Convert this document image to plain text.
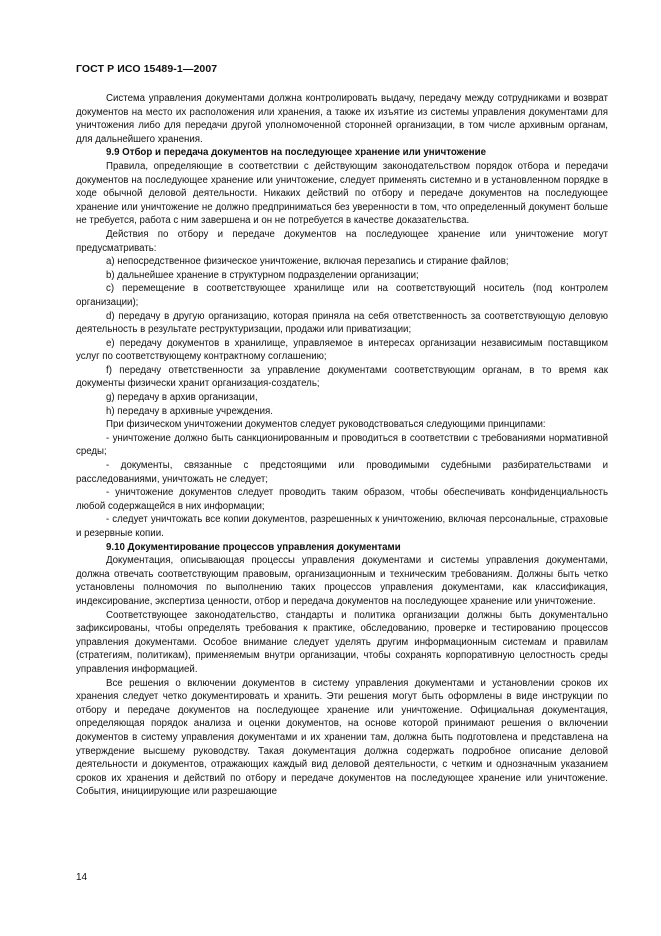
ГОСТ Р ИСО 15489-1—2007

Система управления документами должна контролировать выдачу, передачу между сотрудниками и возврат документов на место их расположения или хранения, а также их изъятие из системы управления документами для уничтожения либо для передачи другой уполномоченной сторонней организации, в том числе архивным органам, для дальнейшего хранения.

9.9 Отбор и передача документов на последующее хранение или уничтожение

Правила, определяющие в соответствии с действующим законодательством порядок отбора и передачи документов на последующее хранение или уничтожение, следует применять системно и в установленном порядке в ходе обычной деловой деятельности. Никаких действий по отбору и передаче документов на последующее хранение или уничтожение не должно предприниматься без уверенности в том, что определенный документ больше не требуется, работа с ним завершена и он не потребуется в качестве доказательства.

Действия по отбору и передаче документов на последующее хранение или уничтожение могут предусматривать:

a) непосредственное физическое уничтожение, включая перезапись и стирание файлов;

b) дальнейшее хранение в структурном подразделении организации;

c) перемещение в соответствующее хранилище или на соответствующий носитель (под контролем организации);

d) передачу в другую организацию, которая приняла на себя ответственность за соответствующую деловую деятельность в результате реструктуризации, продажи или приватизации;

e) передачу документов в хранилище, управляемое в интересах организации независимым поставщиком услуг по соответствующему контрактному соглашению;

f) передачу ответственности за управление документами соответствующим органам, в то время как документы физически хранит организация-создатель;

g) передачу в архив организации,

h) передачу в архивные учреждения.

При физическом уничтожении документов следует руководствоваться следующими принципами:

- уничтожение должно быть санкционированным и проводиться в соответствии с требованиями нормативной среды;

- документы, связанные с предстоящими или проводимыми судебными разбирательствами и расследованиями, уничтожать не следует;

- уничтожение документов следует проводить таким образом, чтобы обеспечивать конфиденциальность любой содержащейся в них информации;

- следует уничтожать все копии документов, разрешенных к уничтожению, включая персональные, страховые и резервные копии.

9.10 Документирование процессов управления документами

Документация, описывающая процессы управления документами и системы управления документами, должна отвечать соответствующим правовым, организационным и техническим требованиям. Должны быть четко установлены полномочия по выполнению таких процессов управления документами, как классификация, индексирование, экспертиза ценности, отбор и передача документов на последующее хранение или уничтожение.

Соответствующее законодательство, стандарты и политика организации должны быть документально зафиксированы, чтобы определять требования к практике, обследованию, проверке и тестированию процессов управления документами. Особое внимание следует уделять другим информационным системам и правилам (стратегиям, политикам), применяемым внутри организации, чтобы сохранять корпоративную целостность среды управления информацией.

Все решения о включении документов в систему управления документами и установлении сроков их хранения следует четко документировать и хранить. Эти решения могут быть оформлены в виде инструкции по отбору и передаче документов на последующее хранение или уничтожение. Официальная документация, определяющая порядок анализа и оценки документов, на основе которой принимают решения о включении документов в систему управления документами и их хранении там, должна быть подготовлена и представлена на утверждение высшему руководству. Такая документация должна содержать подробное описание деловой деятельности и документов, отражающих каждый вид деловой деятельности, с четким и однозначным указанием сроков их хранения и действий по отбору и передаче документов на последующее хранение или уничтожение. События, инициирующие или разрешающие

14
